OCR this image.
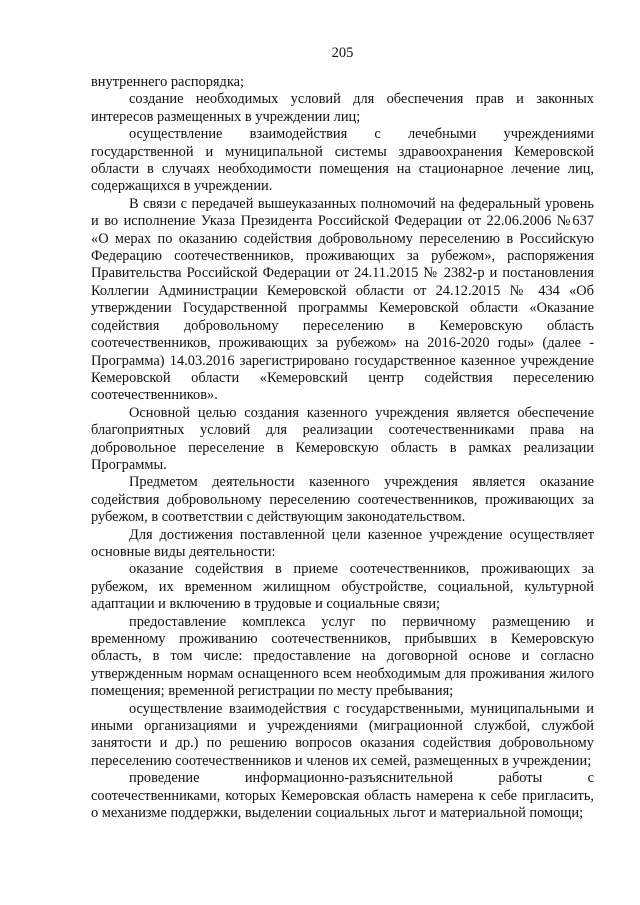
205

внутреннего распорядка;

создание необходимых условий для обеспечения прав и законных интересов размещенных в учреждении лиц;

осуществление взаимодействия с лечебными учреждениями государственной и муниципальной системы здравоохранения Кемеровской области в случаях необходимости помещения на стационарное лечение лиц, содержащихся в учреждении.

В связи с передачей вышеуказанных полномочий на федеральный уровень и во исполнение Указа Президента Российской Федерации от 22.06.2006 №637 «О мерах по оказанию содействия добровольному переселению в Российскую Федерацию соотечественников, проживающих за рубежом», распоряжения Правительства Российской Федерации от 24.11.2015 № 2382-р и постановления Коллегии Администрации Кемеровской области от 24.12.2015 № 434 «Об утверждении Государственной программы Кемеровской области «Оказание содействия добровольному переселению в Кемеровскую область соотечественников, проживающих за рубежом» на 2016-2020 годы» (далее - Программа) 14.03.2016 зарегистрировано государственное казенное учреждение Кемеровской области «Кемеровский центр содействия переселению соотечественников».

Основной целью создания казенного учреждения является обеспечение благоприятных условий для реализации соотечественниками права на добровольное переселение в Кемеровскую область в рамках реализации Программы.

Предметом деятельности казенного учреждения является оказание содействия добровольному переселению соотечественников, проживающих за рубежом, в соответствии с действующим законодательством.

Для достижения поставленной цели казенное учреждение осуществляет основные виды деятельности:

оказание содействия в приеме соотечественников, проживающих за рубежом, их временном жилищном обустройстве, социальной, культурной адаптации и включению в трудовые и социальные связи;

предоставление комплекса услуг по первичному размещению и временному проживанию соотечественников, прибывших в Кемеровскую область, в том числе: предоставление на договорной основе и согласно утвержденным нормам оснащенного всем необходимым для проживания жилого помещения; временной регистрации по месту пребывания;

осуществление взаимодействия с государственными, муниципальными и иными организациями и учреждениями (миграционной службой, службой занятости и др.) по решению вопросов оказания содействия добровольному переселению соотечественников и членов их семей, размещенных в учреждении;

проведение информационно-разъяснительной работы с соотечественниками, которых Кемеровская область намерена к себе пригласить, о механизме поддержки, выделении социальных льгот и материальной помощи;
